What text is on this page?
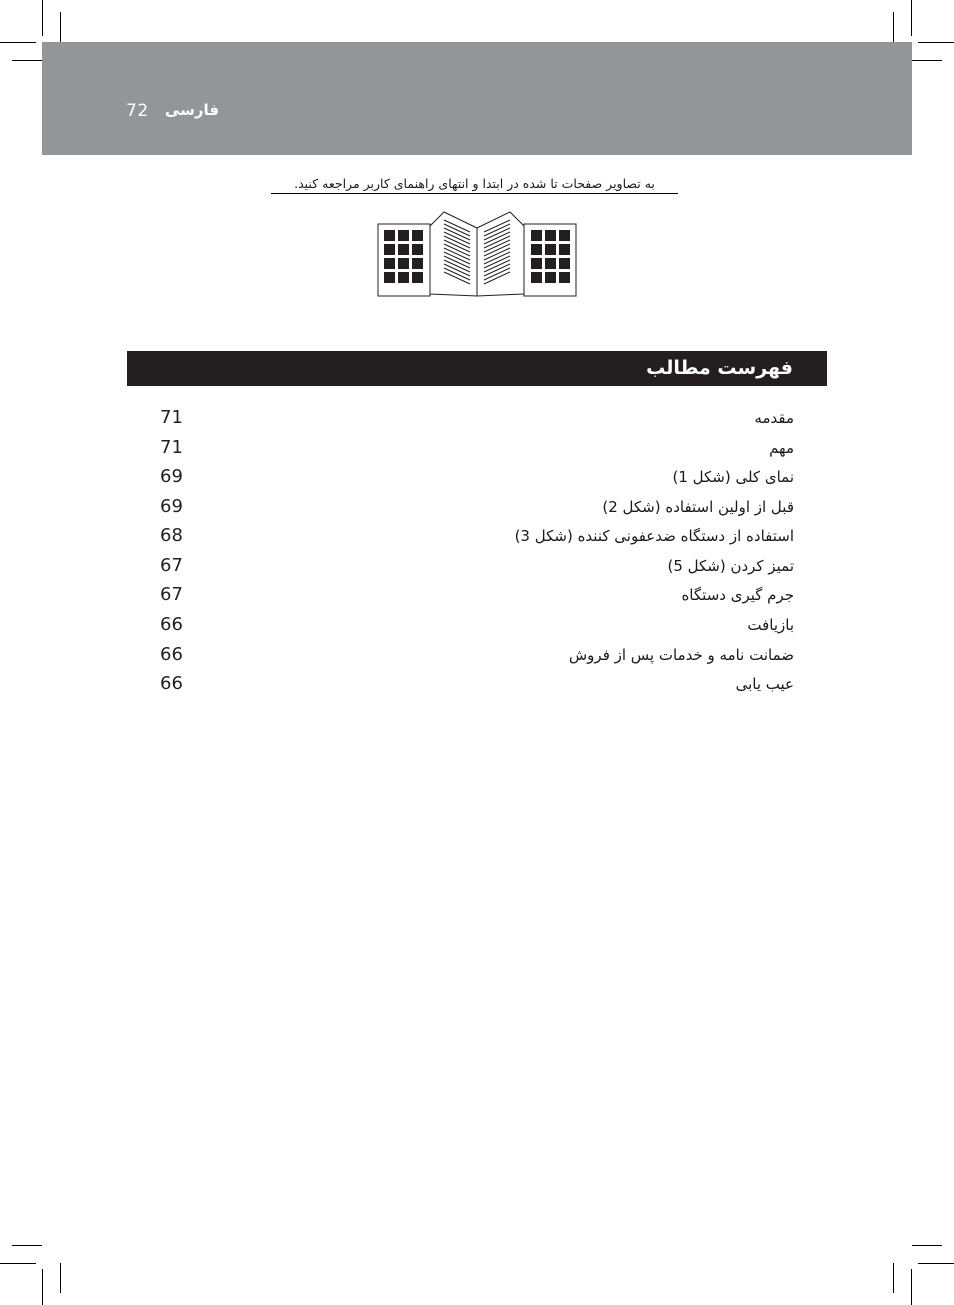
72 فارسی
به تصاویر صفحات تا شده در ابتدا و انتهای راهنمای کاربر مراجعه کنید.
فهرست مطالب
71	مقدمه
71	مهم
69	نمای کلی (شکل 1)
69	قبل از اولین استفاده (شکل 2)
68	استفاده از دستگاه ضدعفونی کننده (شکل 3)
67	تمیز کردن (شکل 5)
67	جرم گیری دستگاه
66	بازیافت
66	ضمانت نامه و خدمات پس از فروش
66	عیب یابی
